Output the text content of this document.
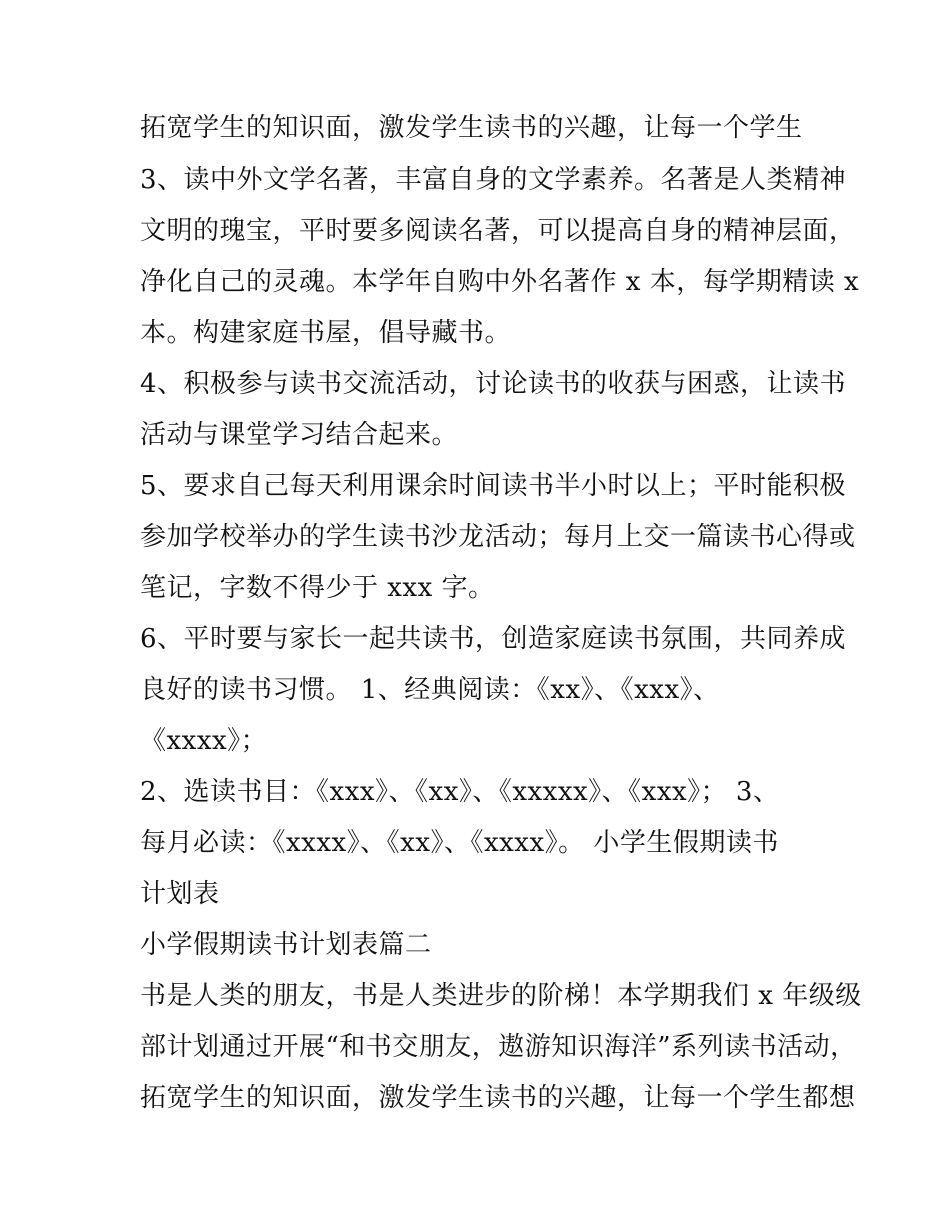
拓宽学生的知识面，激发学生读书的兴趣，让每一个学生
3、读中外文学名著，丰富自身的文学素养。名著是人类精神
文明的瑰宝，平时要多阅读名著，可以提高自身的精神层面，
净化自己的灵魂。本学年自购中外名著作 x 本，每学期精读 x
本。构建家庭书屋，倡导藏书。
4、积极参与读书交流活动，讨论读书的收获与困惑，让读书
活动与课堂学习结合起来。
5、要求自己每天利用课余时间读书半小时以上；平时能积极
参加学校举办的学生读书沙龙活动；每月上交一篇读书心得或
笔记，字数不得少于 xxx 字。
6、平时要与家长一起共读书，创造家庭读书氛围，共同养成
良好的读书习惯。 1、经典阅读：《xx》、《xxx》、
《xxxx》；
2、选读书目：《xxx》、《xx》、《xxxxx》、《xxx》； 3、
每月必读：《xxxx》、《xx》、《xxxx》。 小学生假期读书
计划表
小学假期读书计划表篇二
书是人类的朋友，书是人类进步的阶梯！本学期我们 x 年级级
部计划通过开展“和书交朋友，遨游知识海洋”系列读书活动，
拓宽学生的知识面，激发学生读书的兴趣，让每一个学生都想
